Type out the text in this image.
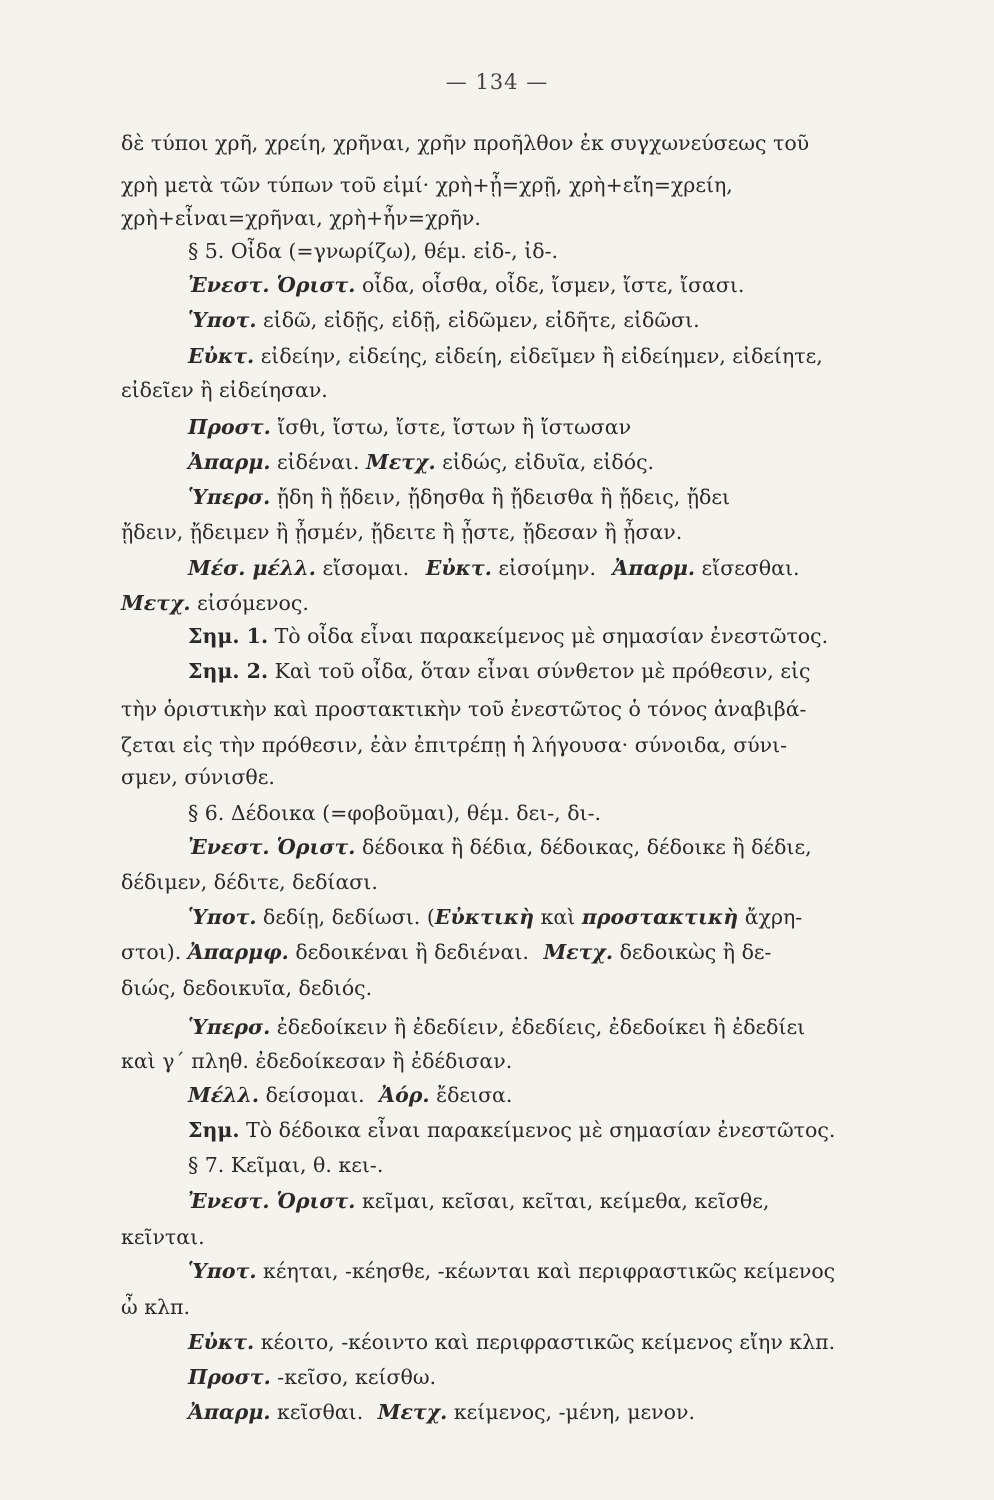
— 134 —
δὲ τύποι χρῆ, χρείη, χρῆναι, χρῆν προῆλθον ἐκ συγχωνεύσεως τοῦ
χρὴ μετὰ τῶν τύπων τοῦ εἰμί· χρὴ+ᾖ=χρῇ, χρὴ+εἴη=χρείη,
χρὴ+εἶναι=χρῆναι, χρὴ+ἦν=χρῆν.
§ 5. Οἶδα (=γνωρίζω), θέμ. εἰδ-, ἰδ-.
Ἐνεστ. Ὁριστ. οἶδα, οἶσθα, οἶδε, ἴσμεν, ἴστε, ἴσασι.
Ὑποτ. εἰδῶ, εἰδῇς, εἰδῇ, εἰδῶμεν, εἰδῆτε, εἰδῶσι.
Εὐκτ. εἰδείην, εἰδείης, εἰδείη, εἰδεῖμεν ἢ εἰδείημεν, εἰδείητε,
εἰδεῖεν ἢ εἰδείησαν.
Προστ. ἴσθι, ἴστω, ἴστε, ἴστων ἢ ἴστωσαν
Ἀπαρμ. εἰδέναι. Μετχ. εἰδώς, εἰδυῖα, εἰδός.
Ὑπερσ. ᾔδη ἢ ᾔδειν, ᾔδησθα ἢ ᾔδεισθα ἢ ᾔδεις, ᾔδει
ᾔδειν, ᾔδειμεν ἢ ᾖσμέν, ᾔδειτε ἢ ᾖστε, ᾔδεσαν ἢ ᾖσαν.
Μέσ. μέλλ. εἴσομαι. Εὐκτ. εἰσοίμην. Ἀπαρμ. εἴσεσθαι.
Μετχ. εἰσόμενος.
Σημ. 1. Τὸ οἶδα εἶναι παρακείμενος μὲ σημασίαν ἐνεστῶτος.
Σημ. 2. Καὶ τοῦ οἶδα, ὅταν εἶναι σύνθετον μὲ πρόθεσιν, εἰς
τὴν ὁριστικὴν καὶ προστακτικὴν τοῦ ἐνεστῶτος ὁ τόνος ἀναβιβά-
ζεται εἰς τὴν πρόθεσιν, ἐὰν ἐπιτρέπῃ ἡ λήγουσα· σύνοιδα, σύνι-
σμεν, σύνισθε.
§ 6. Δέδοικα (=φοβοῦμαι), θέμ. δει-, δι-.
Ἐνεστ. Ὁριστ. δέδοικα ἢ δέδια, δέδοικας, δέδοικε ἢ δέδιε,
δέδιμεν, δέδιτε, δεδίασι.
Ὑποτ. δεδίῃ, δεδίωσι. (Εὐκτικὴ καὶ προστακτικὴ ἄχρη-
στοι). Ἀπαρμφ. δεδοικέναι ἢ δεδιέναι. Μετχ. δεδοικὼς ἢ δε-
διώς, δεδοικυῖα, δεδιός.
Ὑπερσ. ἐδεδοίκειν ἢ ἐδεδίειν, ἐδεδίεις, ἐδεδοίκει ἢ ἐδεδίει
καὶ γ΄ πληθ. ἐδεδοίκεσαν ἢ ἐδέδισαν.
Μέλλ. δείσομαι. Ἀόρ. ἔδεισα.
Σημ. Τὸ δέδοικα εἶναι παρακείμενος μὲ σημασίαν ἐνεστῶτος.
§ 7. Κεῖμαι, θ. κει-.
Ἐνεστ. Ὁριστ. κεῖμαι, κεῖσαι, κεῖται, κείμεθα, κεῖσθε,
κεῖνται.
Ὑποτ. κέηται, -κέησθε, -κέωνται καὶ περιφραστικῶς κείμενος
ὦ κλπ.
Εὐκτ. κέοιτο, -κέοιντο καὶ περιφραστικῶς κείμενος εἴην κλπ.
Προστ. -κεῖσο, κείσθω.
Ἀπαρμ. κεῖσθαι. Μετχ. κείμενος, -μένη, μενον.
